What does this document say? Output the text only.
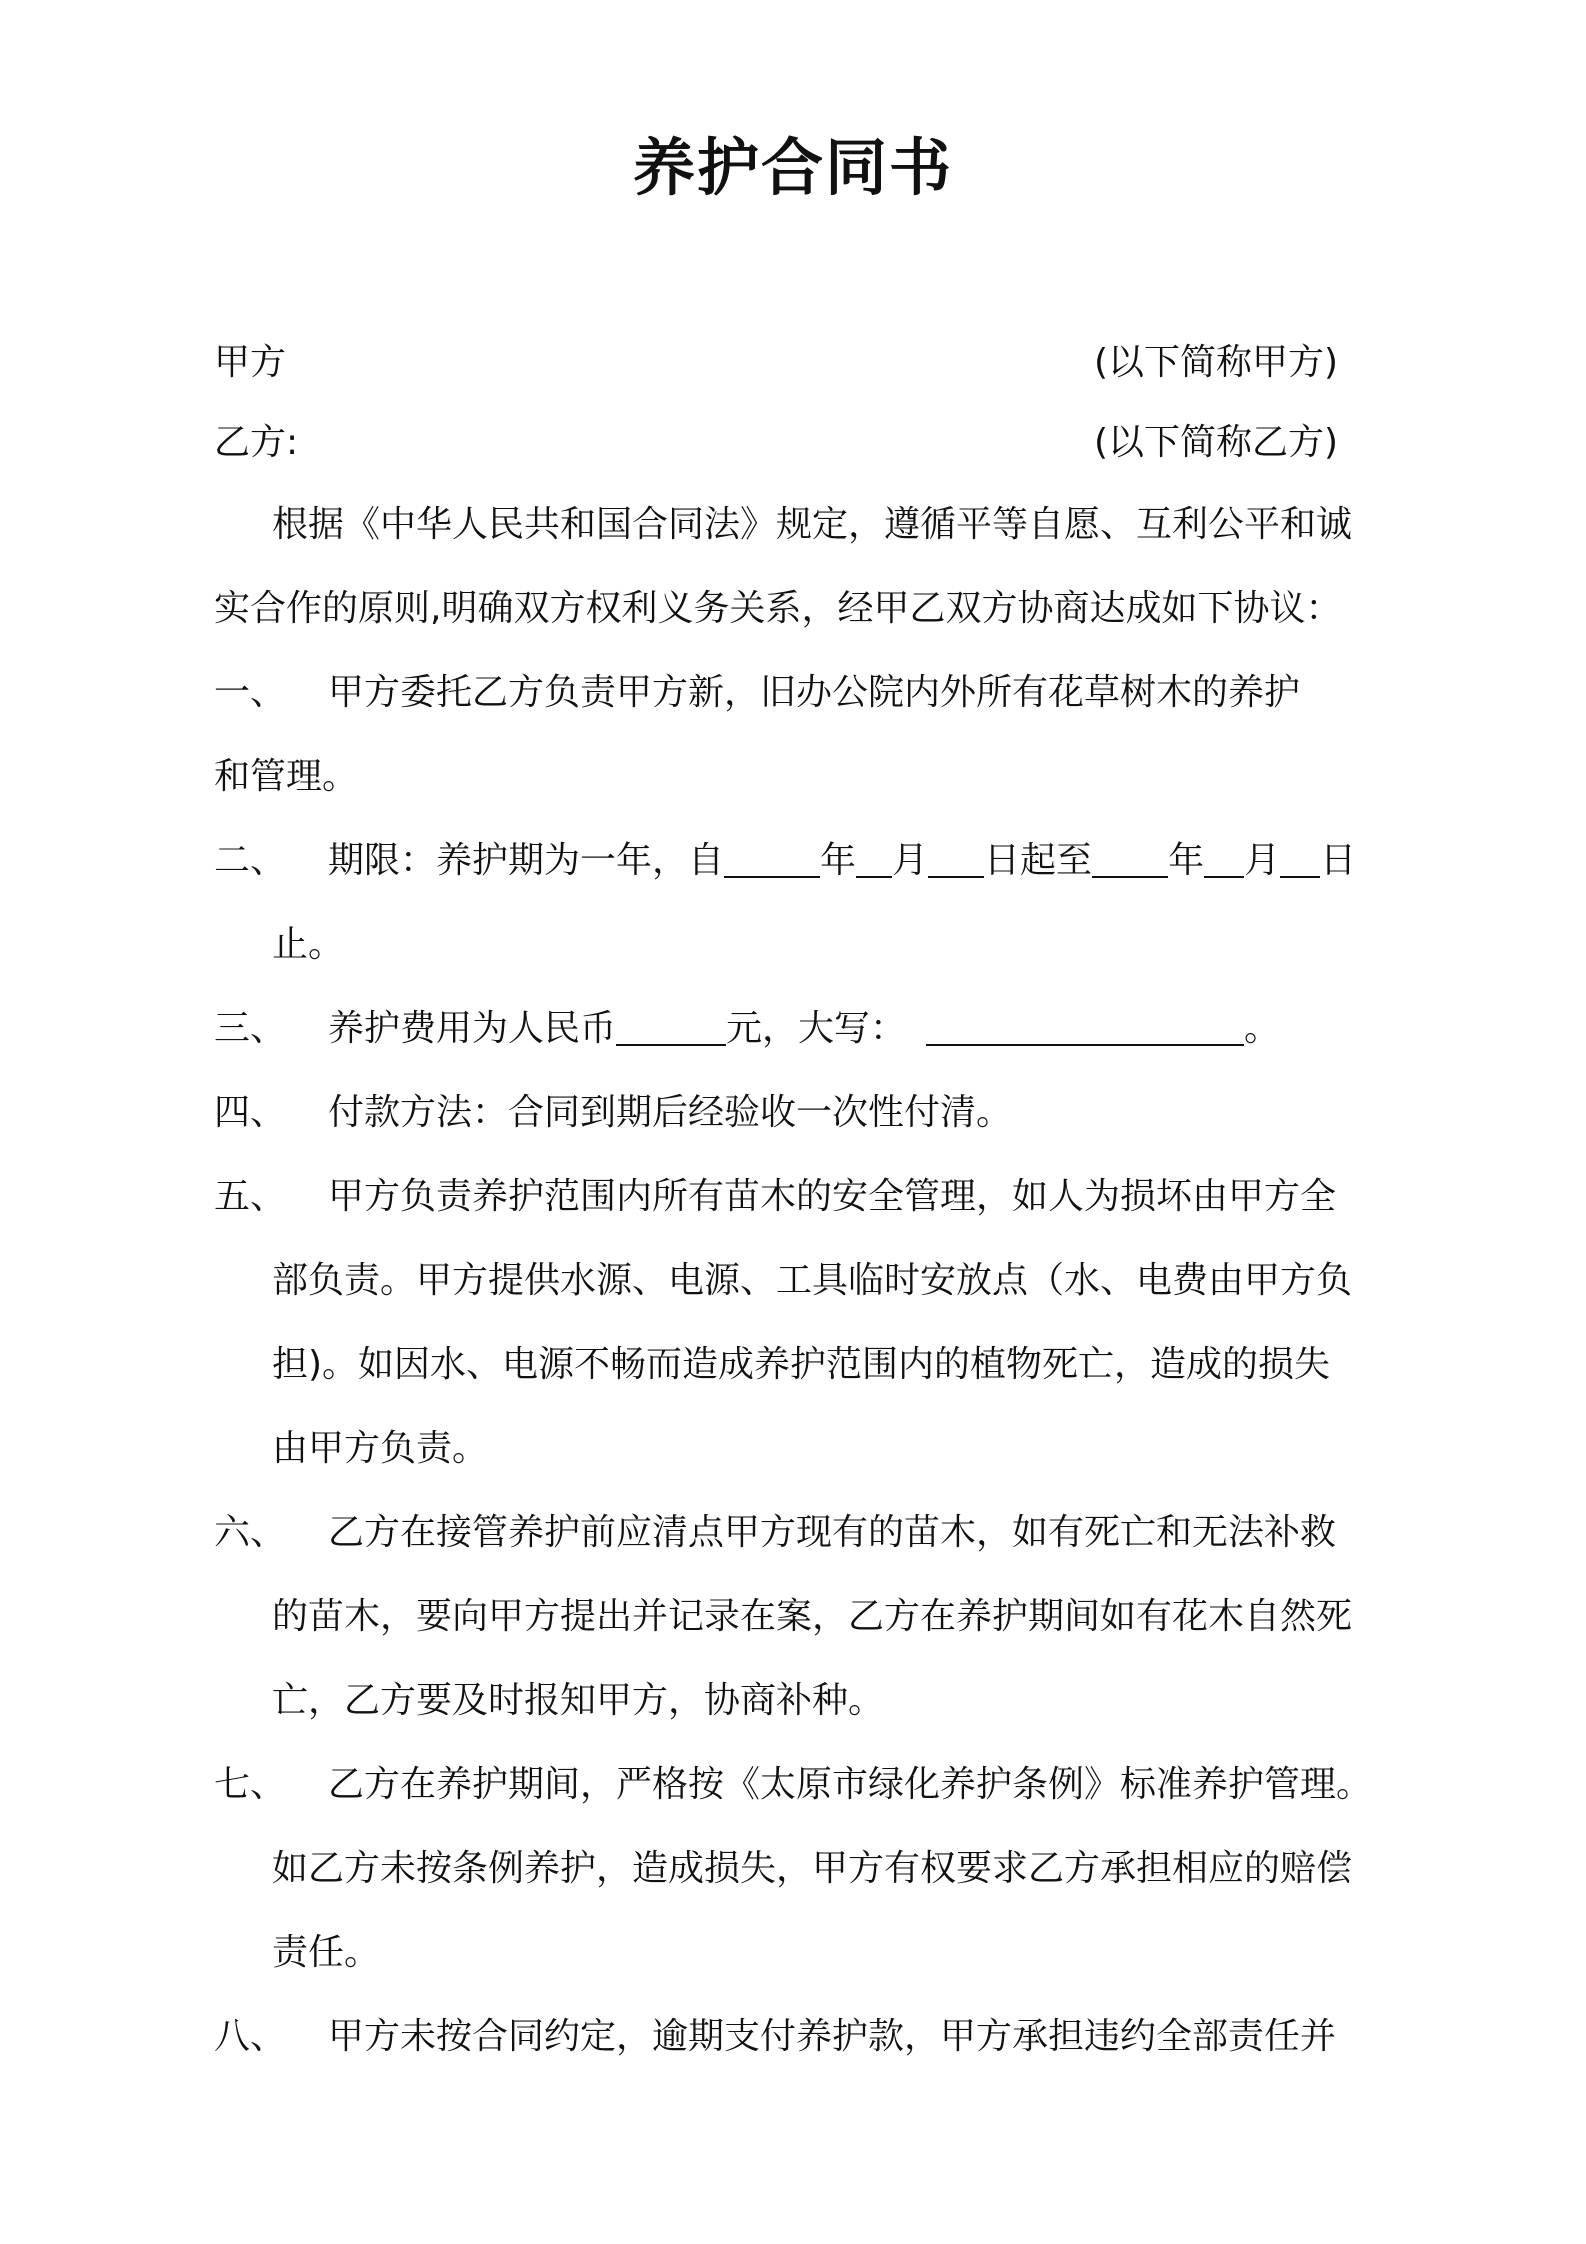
养护合同书
甲方	(以下简称甲方)
乙方:	(以下简称乙方)
根据《中华人民共和国合同法》规定，遵循平等自愿、互利公平和诚
实合作的原则,明确双方权利义务关系，经甲乙双方协商达成如下协议：
一、 甲方委托乙方负责甲方新，旧办公院内外所有花草树木的养护
和管理。
二、 期限：养护期为一年，自	年 月 日起至 年 月 日
止。
三、 养护费用为人民币	元，大写：	。
四、 付款方法：合同到期后经验收一次性付清。
五、 甲方负责养护范围内所有苗木的安全管理，如人为损坏由甲方全
部负责。甲方提供水源、电源、工具临时安放点（水、电费由甲方负
担)。如因水、电源不畅而造成养护范围内的植物死亡，造成的损失
由甲方负责。
六、 乙方在接管养护前应清点甲方现有的苗木，如有死亡和无法补救
的苗木，要向甲方提出并记录在案，乙方在养护期间如有花木自然死
亡，乙方要及时报知甲方，协商补种。
七、 乙方在养护期间，严格按《太原市绿化养护条例》标准养护管理。
如乙方未按条例养护，造成损失，甲方有权要求乙方承担相应的赔偿
责任。
八、 甲方未按合同约定，逾期支付养护款，甲方承担违约全部责任并
